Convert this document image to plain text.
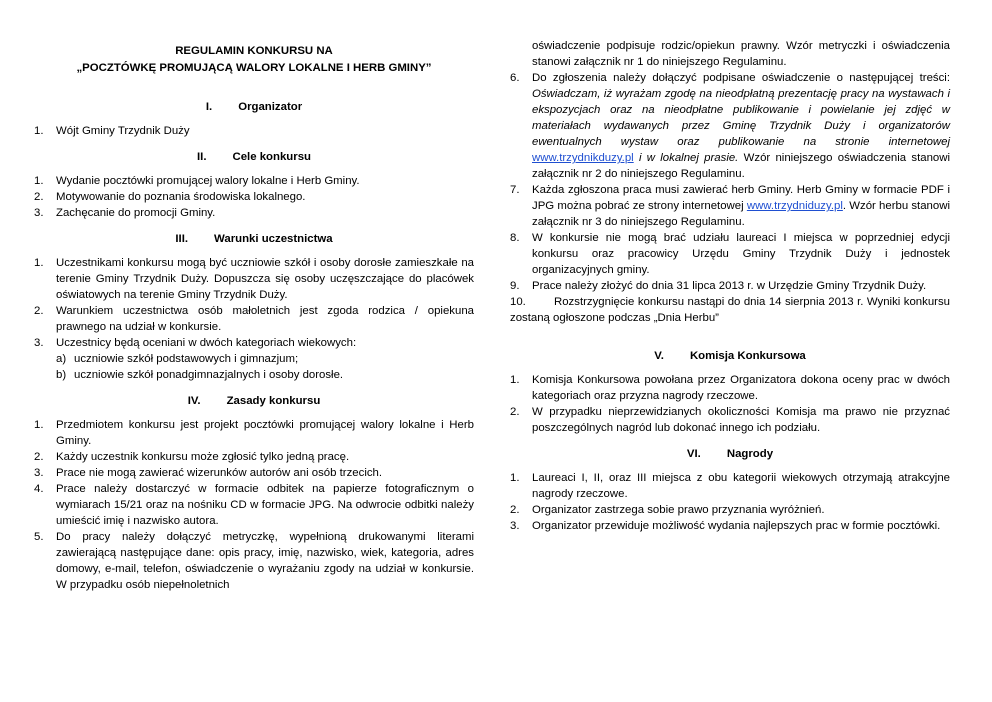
REGULAMIN KONKURSU NA
„POCZTÓWKĘ PROMUJĄCĄ WALORY LOKALNE I HERB GMINY”
I. Organizator
1. Wójt Gminy Trzydnik Duży
II. Cele konkursu
1. Wydanie pocztówki promującej walory lokalne i Herb Gminy.
2. Motywowanie do poznania środowiska lokalnego.
3. Zachęcanie do promocji Gminy.
III. Warunki uczestnictwa
1. Uczestnikami konkursu mogą być uczniowie szkół i osoby dorosłe zamieszkałe na terenie Gminy Trzydnik Duży. Dopuszcza się osoby uczęszczające do placówek oświatowych na terenie Gminy Trzydnik Duży.
2. Warunkiem uczestnictwa osób małoletnich jest zgoda rodzica / opiekuna prawnego na udział w konkursie.
3. Uczestnicy będą oceniani w dwóch kategoriach wiekowych:
a) uczniowie szkół podstawowych i gimnazjum;
b) uczniowie szkół ponadgimnazjalnych i osoby dorosłe.
IV. Zasady konkursu
1. Przedmiotem konkursu jest projekt pocztówki promującej walory lokalne i Herb Gminy.
2. Każdy uczestnik konkursu może zgłosić tylko jedną pracę.
3. Prace nie mogą zawierać wizerunków autorów ani osób trzecich.
4. Prace należy dostarczyć w formacie odbitek na papierze fotograficznym o wymiarach 15/21 oraz na nośniku CD w formacie JPG. Na odwrocie odbitki należy umieścić imię i nazwisko autora.
5. Do pracy należy dołączyć metryczkę, wypełnioną drukowanymi literami zawierającą następujące dane: opis pracy, imię, nazwisko, wiek, kategoria, adres domowy, e-mail, telefon, oświadczenie o wyrażaniu zgody na udział w konkursie. W przypadku osób niepełnoletnich
oświadczenie podpisuje rodzic/opiekun prawny. Wzór metryczki i oświadczenia stanowi załącznik nr 1 do niniejszego Regulaminu.
6. Do zgłoszenia należy dołączyć podpisane oświadczenie o następującej treści: Oświadczam, iż wyrażam zgodę na nieodpłatną prezentację pracy na wystawach i ekspozycjach oraz na nieodpłatne publikowanie i powielanie jej zdjęć w materiałach wydawanych przez Gminę Trzydnik Duży i organizatorów ewentualnych wystaw oraz publikowanie na stronie internetowej www.trzydnikduzy.pl i w lokalnej prasie. Wzór niniejszego oświadczenia stanowi załącznik nr 2 do niniejszego Regulaminu.
7. Każda zgłoszona praca musi zawierać herb Gminy. Herb Gminy w formacie PDF i JPG można pobrać ze strony internetowej www.trzydniduzy.pl. Wzór herbu stanowi załącznik nr 3 do niniejszego Regulaminu.
8. W konkursie nie mogą brać udziału laureaci I miejsca w poprzedniej edycji konkursu oraz pracowicy Urzędu Gminy Trzydnik Duży i jednostek organizacyjnych gminy.
9. Prace należy złożyć do dnia 31 lipca 2013 r. w Urzędzie Gminy Trzydnik Duży.
10. Rozstrzygnięcie konkursu nastąpi do dnia 14 sierpnia 2013 r. Wyniki konkursu zostaną ogłoszone podczas „Dnia Herbu”
V. Komisja Konkursowa
1. Komisja Konkursowa powołana przez Organizatora dokona oceny prac w dwóch kategoriach oraz przyzna nagrody rzeczowe.
2. W przypadku nieprzewidzianych okoliczności Komisja ma prawo nie przyznać poszczególnych nagród lub dokonać innego ich podziału.
VI. Nagrody
1. Laureaci I, II, oraz III miejsca z obu kategorii wiekowych otrzymają atrakcyjne nagrody rzeczowe.
2. Organizator zastrzega sobie prawo przyznania wyróżnień.
3. Organizator przewiduje możliwość wydania najlepszych prac w formie pocztówki.
